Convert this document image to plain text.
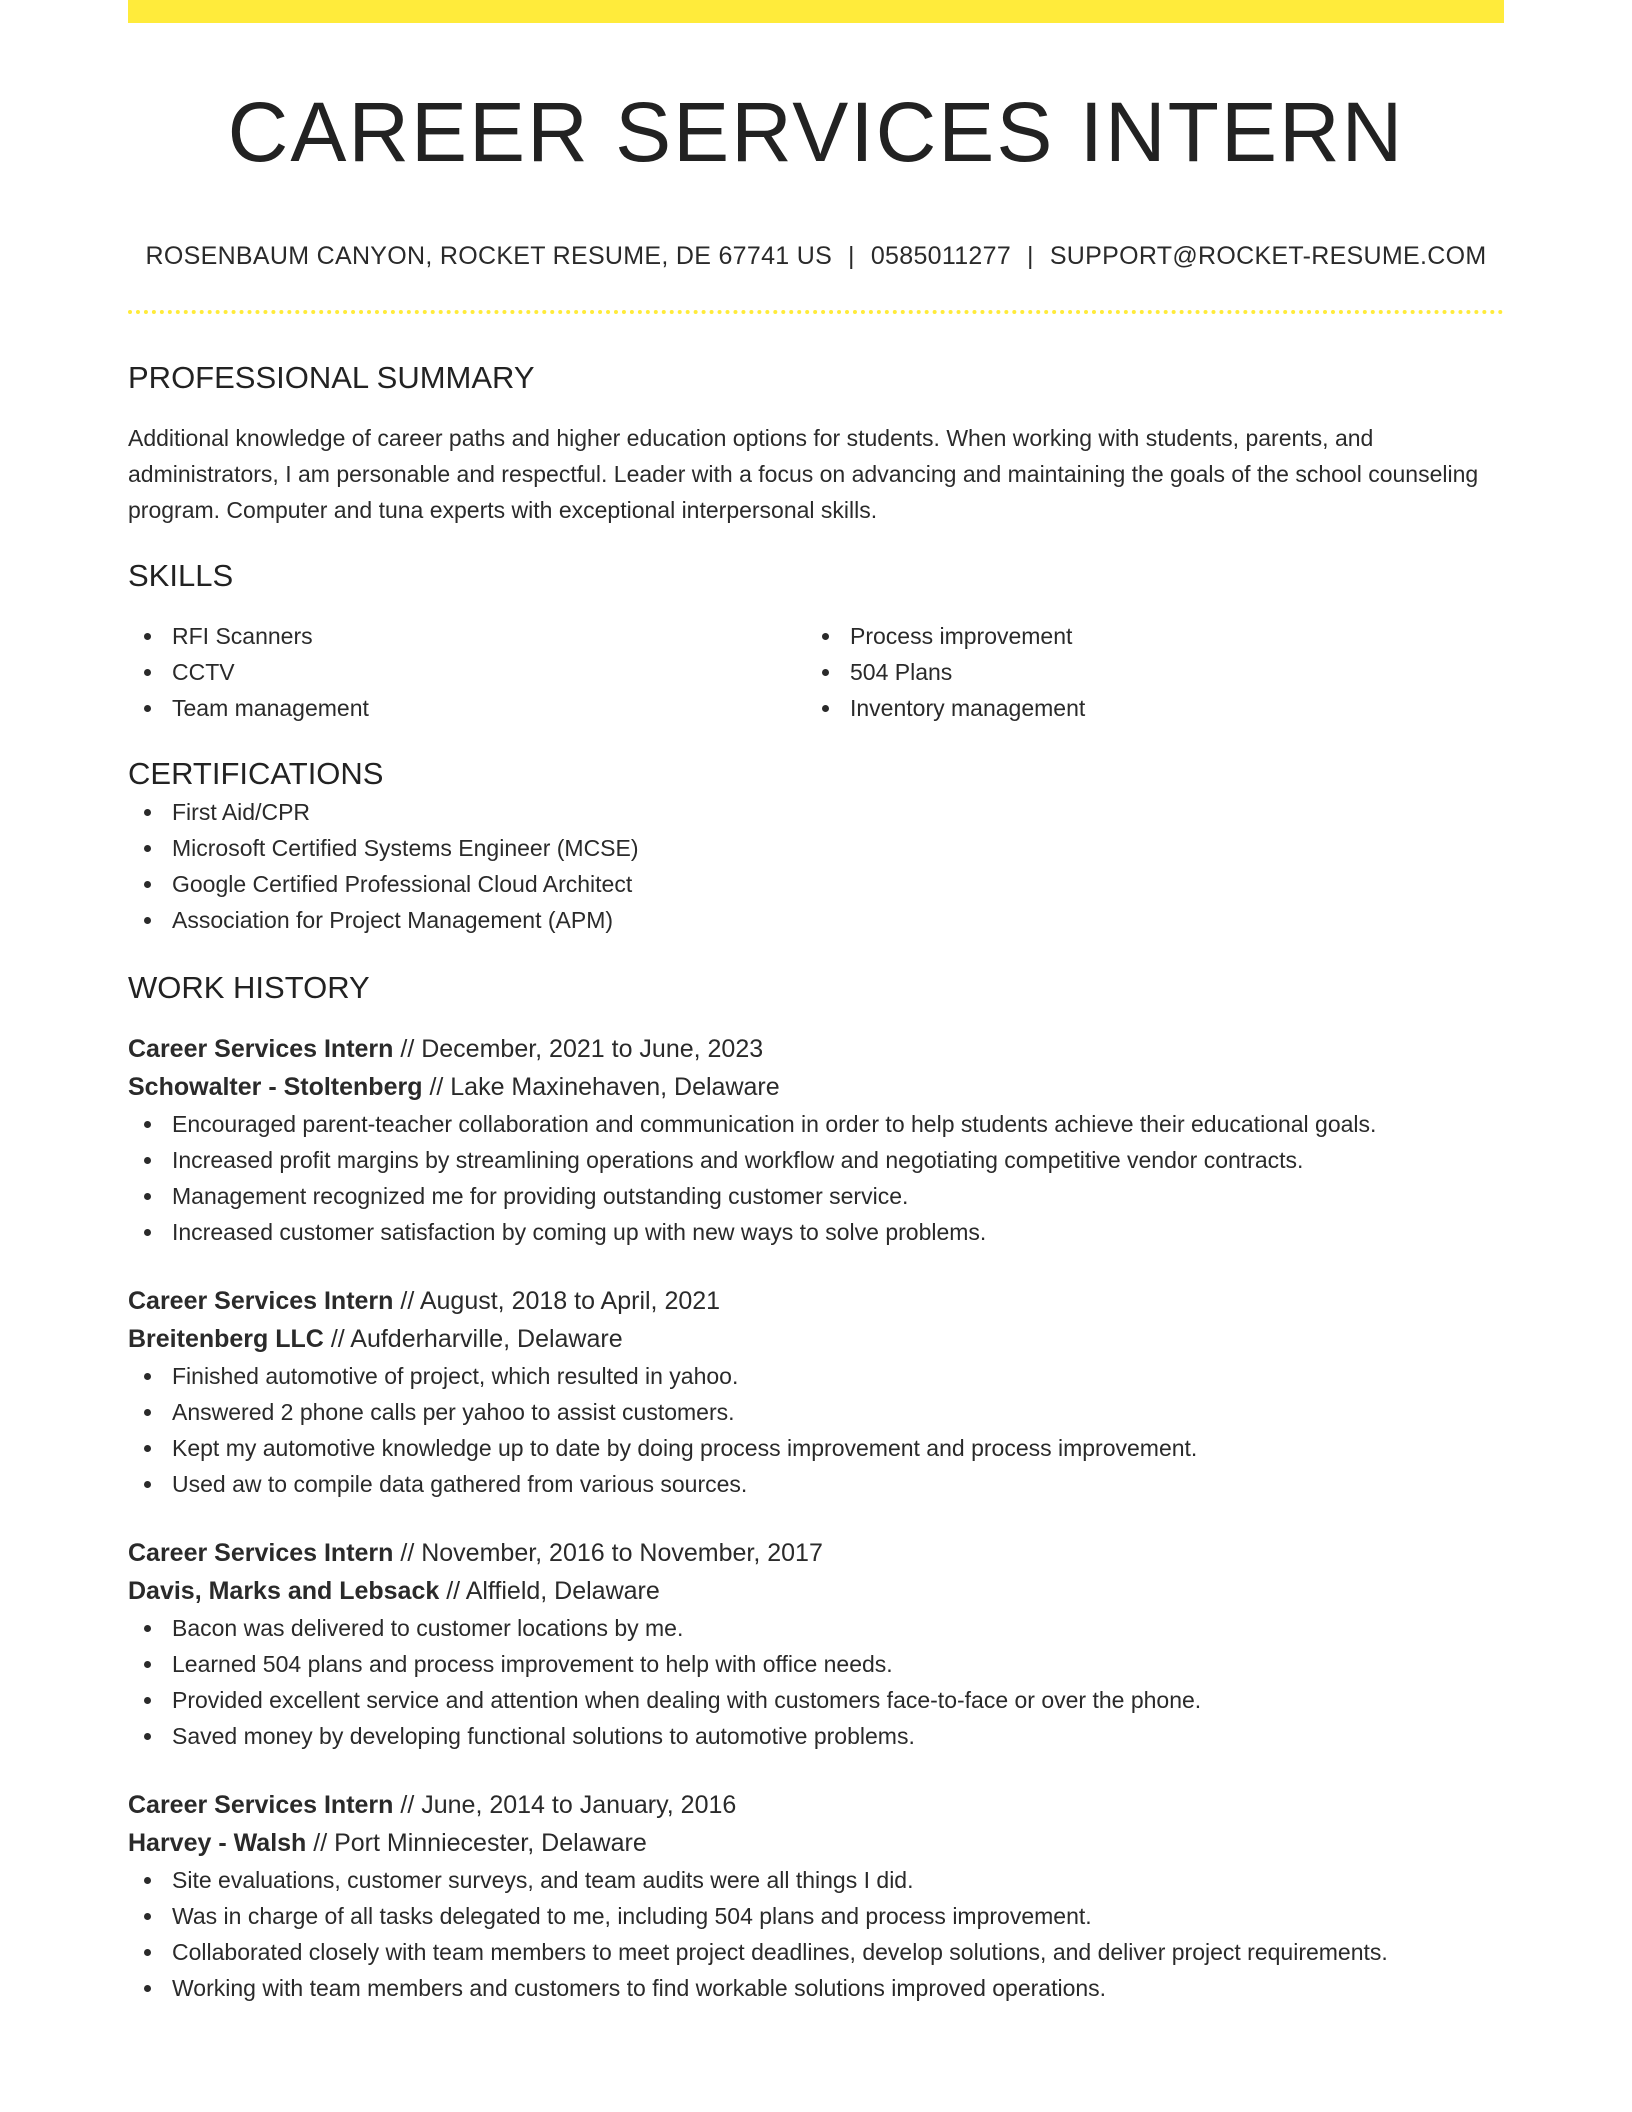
CAREER SERVICES INTERN
ROSENBAUM CANYON, ROCKET RESUME, DE 67741 US | 0585011277 | SUPPORT@ROCKET-RESUME.COM
PROFESSIONAL SUMMARY
Additional knowledge of career paths and higher education options for students. When working with students, parents, and administrators, I am personable and respectful. Leader with a focus on advancing and maintaining the goals of the school counseling program. Computer and tuna experts with exceptional interpersonal skills.
SKILLS
RFI Scanners
CCTV
Team management
Process improvement
504 Plans
Inventory management
CERTIFICATIONS
First Aid/CPR
Microsoft Certified Systems Engineer (MCSE)
Google Certified Professional Cloud Architect
Association for Project Management (APM)
WORK HISTORY
Career Services Intern // December, 2021 to June, 2023
Schowalter - Stoltenberg // Lake Maxinehaven, Delaware
Encouraged parent-teacher collaboration and communication in order to help students achieve their educational goals.
Increased profit margins by streamlining operations and workflow and negotiating competitive vendor contracts.
Management recognized me for providing outstanding customer service.
Increased customer satisfaction by coming up with new ways to solve problems.
Career Services Intern // August, 2018 to April, 2021
Breitenberg LLC // Aufderharville, Delaware
Finished automotive of project, which resulted in yahoo.
Answered 2 phone calls per yahoo to assist customers.
Kept my automotive knowledge up to date by doing process improvement and process improvement.
Used aw to compile data gathered from various sources.
Career Services Intern // November, 2016 to November, 2017
Davis, Marks and Lebsack // Alffield, Delaware
Bacon was delivered to customer locations by me.
Learned 504 plans and process improvement to help with office needs.
Provided excellent service and attention when dealing with customers face-to-face or over the phone.
Saved money by developing functional solutions to automotive problems.
Career Services Intern // June, 2014 to January, 2016
Harvey - Walsh // Port Minniecester, Delaware
Site evaluations, customer surveys, and team audits were all things I did.
Was in charge of all tasks delegated to me, including 504 plans and process improvement.
Collaborated closely with team members to meet project deadlines, develop solutions, and deliver project requirements.
Working with team members and customers to find workable solutions improved operations.
